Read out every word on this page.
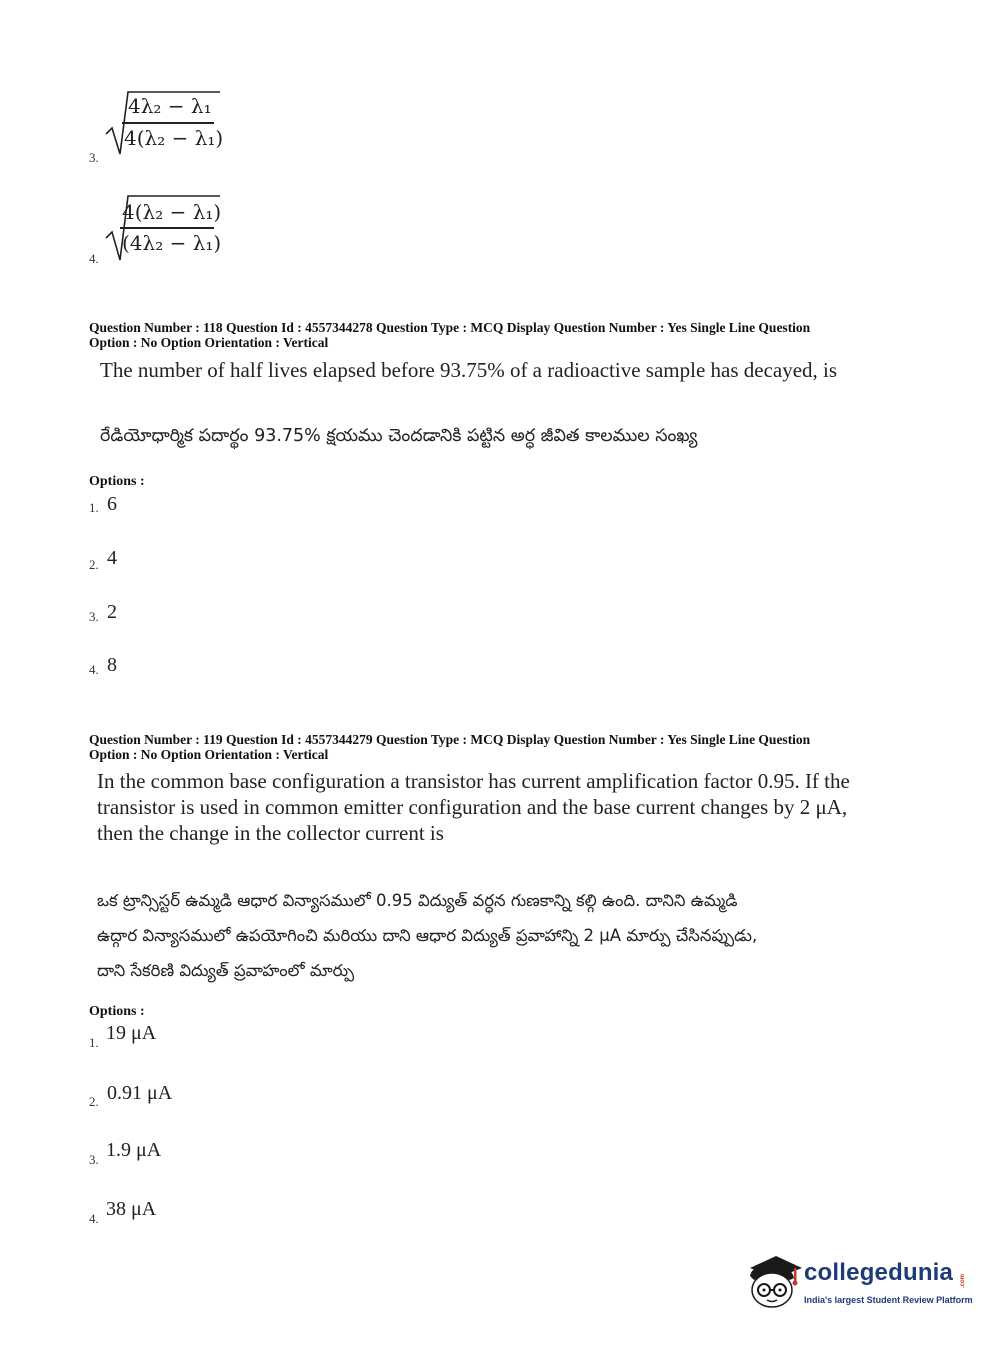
3.
4λ₂ − λ₁
4(λ₂ − λ₁)
4.
4(λ₂ − λ₁)
(4λ₂ − λ₁)
Question Number : 118 Question Id : 4557344278 Question Type : MCQ Display Question Number : Yes Single Line Question
Option : No Option Orientation : Vertical
The number of half lives elapsed before 93.75% of a radioactive sample has decayed, is
రేడియోధార్మిక పదార్థం 93.75% క్షయము చెందడానికి పట్టిన అర్ధ జీవిత కాలముల సంఖ్య
Options :
1. 6
2. 4
3. 2
4. 8
Question Number : 119 Question Id : 4557344279 Question Type : MCQ Display Question Number : Yes Single Line Question
Option : No Option Orientation : Vertical
In the common base configuration a transistor has current amplification factor 0.95. If the
transistor is used in common emitter configuration and the base current changes by 2 μA,
then the change in the collector current is
ఒక ట్రాన్సిస్టర్ ఉమ్మడి ఆధార విన్యాసములో 0.95 విద్యుత్ వర్ధన గుణకాన్ని కల్గి ఉంది. దానిని ఉమ్మడి
ఉద్గార విన్యాసములో ఉపయోగించి మరియు దాని ఆధార విద్యుత్ ప్రవాహాన్ని 2 μA మార్పు చేసినప్పుడు,
దాని సేకరిణి విద్యుత్ ప్రవాహంలో మార్పు
Options :
1. 19 μA
2. 0.91 μA
3. 1.9 μA
4. 38 μA
collegedunia .com
India's largest Student Review Platform
